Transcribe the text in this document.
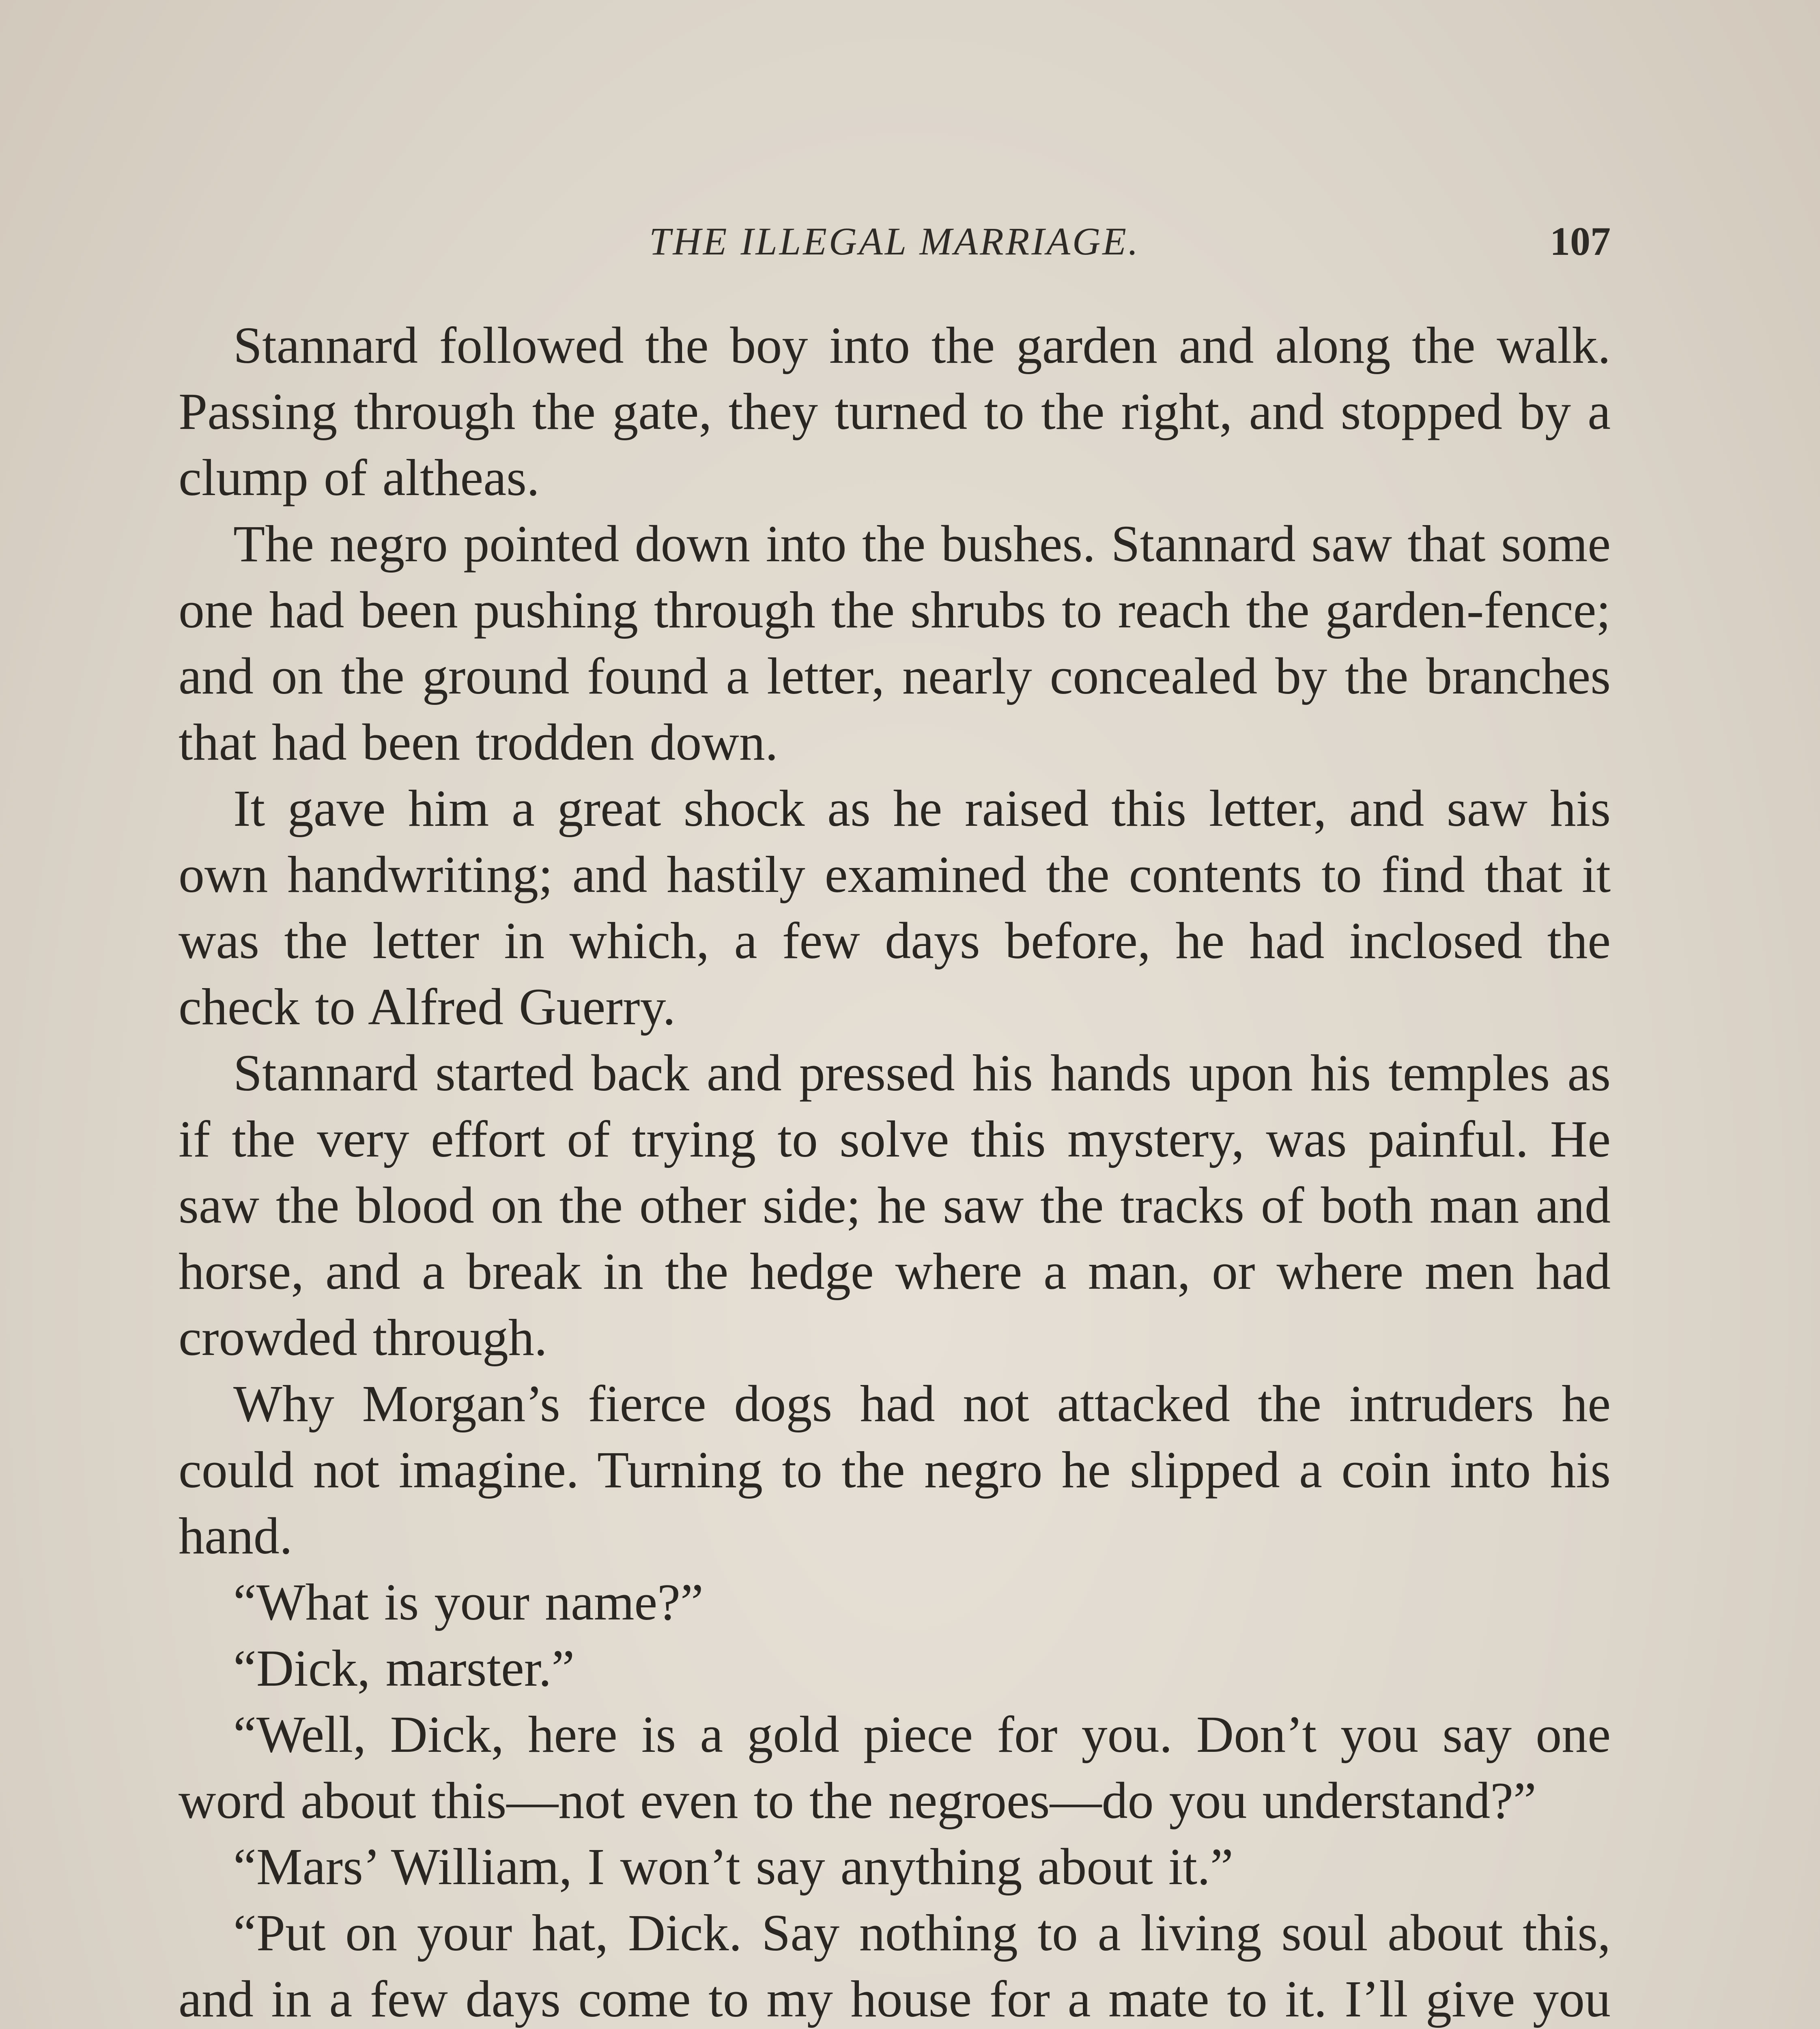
THE ILLEGAL MARRIAGE.	107

Stannard followed the boy into the garden and along the walk. Passing through the gate, they turned to the right, and stopped by a clump of altheas.

The negro pointed down into the bushes. Stannard saw that some one had been pushing through the shrubs to reach the garden-fence; and on the ground found a letter, nearly concealed by the branches that had been trodden down.

It gave him a great shock as he raised this letter, and saw his own handwriting; and hastily examined the contents to find that it was the letter in which, a few days before, he had inclosed the check to Alfred Guerry.

Stannard started back and pressed his hands upon his temples as if the very effort of trying to solve this mystery, was painful. He saw the blood on the other side; he saw the tracks of both man and horse, and a break in the hedge where a man, or where men had crowded through.

Why Morgan’s fierce dogs had not attacked the intruders he could not imagine. Turning to the negro he slipped a coin into his hand.

“What is your name?”

“Dick, marster.”

“Well, Dick, here is a gold piece for you. Don’t you say one word about this—not even to the negroes—do you understand?”

“Mars’ William, I won’t say anything about it.”

“Put on your hat, Dick. Say nothing to a living soul about this, and in a few days come to my house for a mate to it. I’ll give you
